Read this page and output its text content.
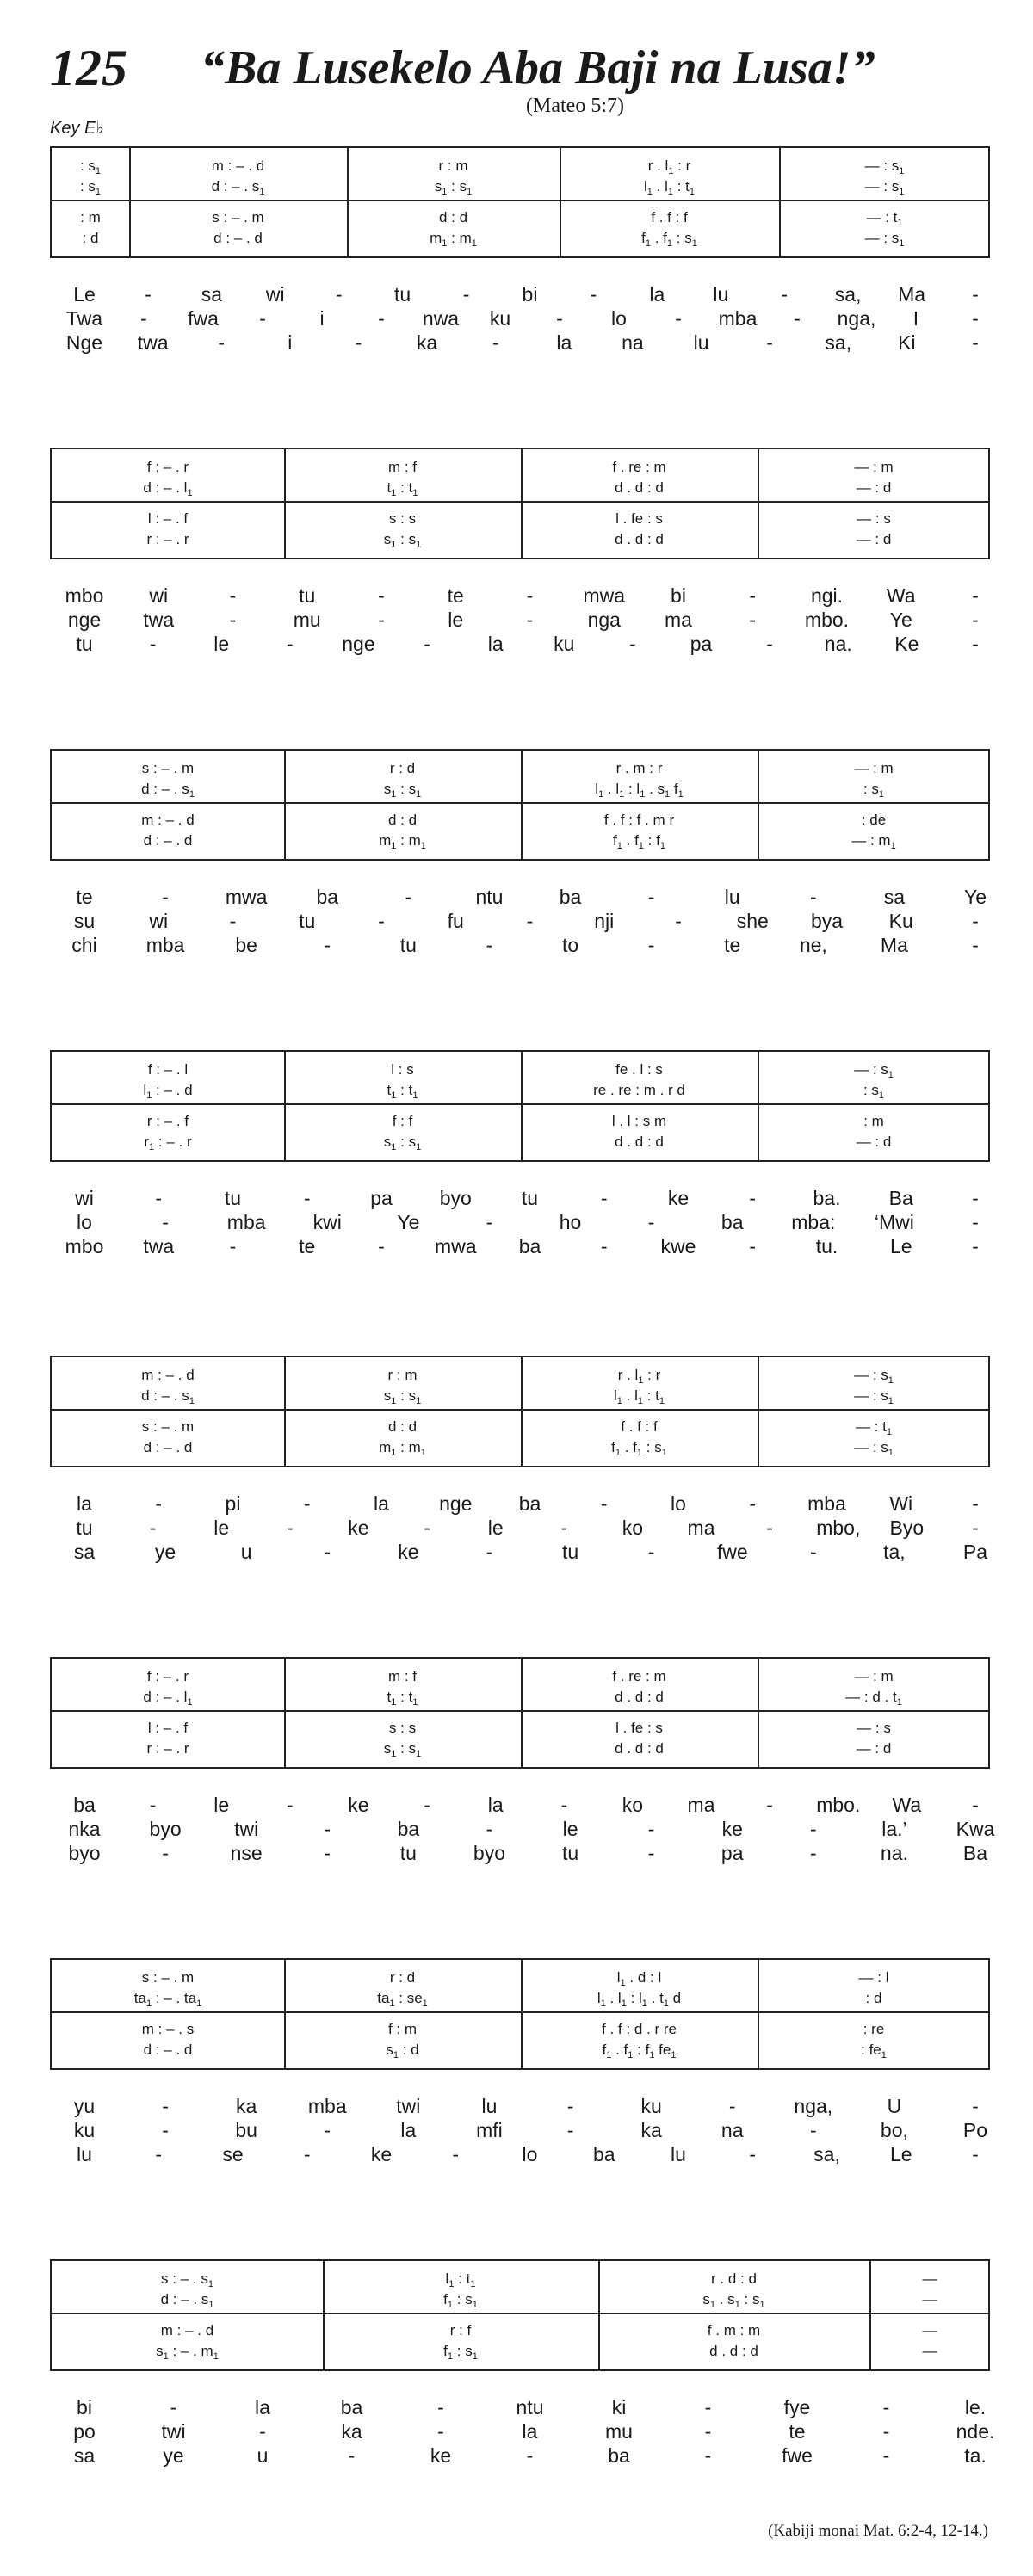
125 “Ba Lusekelo Aba Baji na Lusa!”
(Mateo 5:7)
Key E♭
: $s_1$	m : – . d	r : m	r . $l_1$ : r	— : $s_1$
: $s_1$	d : – . $s_1$	$s_1$ : $s_1$	$l_1$ . $l_1$ : $t_1$	— : $s_1$
: m	s : – . m	d : d	f . f : f	— : $t_1$
: d	d : – . d	$m_1$ : $m_1$	$f_1$ . $f_1$ : $s_1$	— : $s_1$
Le -	sa wi	-	tu	-	bi	-	la lu	- sa, Ma -
Twa - fwa -	i	- nwa ku - lo - mba - nga, I	-
Nge twa	-	i	-	ka	-	la	na	lu	-	sa, Ki	-
f : – . r	m : f	f . re : m	— : m
d : – . $l_1$	$t_1$ : $t_1$	d . d : d	— : d
l : – . f	s : s	l . fe : s	— : s
r : – . r	$s_1$ : $s_1$	d . d : d	— : d
mbo wi	-	tu	-	te	-	mwa bi	-	ngi. Wa	-
nge twa	-	mu	-	le	-	nga ma	- mbo. Ye	-
tu	-	le	- nge -	la	ku	-	pa	-	na. Ke	-
s : – . m	r : d	r . m : r	— : m
d : – . $s_1$	$s_1$ : $s_1$	$l_1$ . $l_1$ : $l_1$ . $s_1$ $f_1$	: $s_1$
m : – . d	d : d	f . f : f . m r	: de
d : – . d	$m_1$ : $m_1$	$f_1$ . $f_1$ : $f_1$	— : $m_1$
te	-	mwa ba	-	ntu	ba	-	lu	-	sa	Ye
su	wi	-	tu	-	fu	-	nji	-	she bya Ku	-
chi mba	be	-	tu	-	to	-	te	ne,	Ma	-
f : – . l	l : s	fe . l : s	— : $s_1$
$l_1$ : – . d	$t_1$ : $t_1$	re . re : m . r d	: $s_1$
r : – . f	f : f	l . l : s m	: m
$r_1$ : – . r	$s_1$ : $s_1$	d . d : d	— : d
wi	-	tu	-	pa byo	tu	-	ke	-	ba. Ba	-
lo	-	mba kwi	Ye	-	ho	-	ba mba: ‘Mwi	-
mbo twa	-	te	-	mwa ba	-	kwe	-	tu.	Le	-
m : – . d	r : m	r . $l_1$ : r	— : $s_1$
d : – . $s_1$	$s_1$ : $s_1$	$l_1$ . $l_1$ : $t_1$	— : $s_1$
s : – . m	d : d	f . f : f	— : $t_1$
d : – . d	$m_1$ : $m_1$	$f_1$ . $f_1$ : $s_1$	— : $s_1$
la	-	pi	-	la	nge ba	-	lo	-	mba Wi	-
tu	-	le	-	ke	-	le	-	ko ma	- mbo, Byo -
sa	ye	u	-	ke	-	tu	-	fwe	-	ta,	Pa
f : – . r	m : f	f . re : m	— : m
d : – . $l_1$	$t_1$ : $t_1$	d . d : d	— : d . $t_1$
l : – . f	s : s	l . fe : s	— : s
r : – . r	$s_1$ : $s_1$	d . d : d	— : d
ba	-	le	-	ke	-	la	-	ko ma	- mbo. Wa	-
nka byo	twi	-	ba	-	le	-	ke	-	la.’ Kwa
byo	-	nse	-	tu	byo	tu	-	pa	-	na.	Ba
s : – . m	r : d	$l_1$ . d : l	— : l
$ta_1$ : – . $ta_1$	$ta_1$ : $se_1$	$l_1$ . $l_1$ : $l_1$ . $t_1$ d	: d
m : – . s	f : m	f . f : d . r re	: re
d : – . d	$s_1$ : d	$f_1$ . $f_1$ : $f_1$ $fe_1$	: $fe_1$
yu	-	ka	mba	twi	lu	-	ku	-	nga,	U	-
ku	-	bu	-	la	mfi	-	ka	na	-	bo,	Po
lu	-	se	-	ke	-	lo	ba	lu	-	sa,	Le	-
s : – . $s_1$	$l_1$ : $t_1$	r . d : d	—
d : – . $s_1$	$f_1$ : $s_1$	$s_1$ . $s_1$ : $s_1$	—
m : – . d	r : f	f . m : m	—
$s_1$ : – . $m_1$	$f_1$ : $s_1$	d . d : d	—
bi	-	la	ba	-	ntu	ki	-	fye	-	le.
po	twi	-	ka	-	la	mu	-	te	-	nde.
sa	ye	u	-	ke	-	ba	-	fwe	-	ta.
(Kabiji monai Mat. 6:2-4, 12-14.)
